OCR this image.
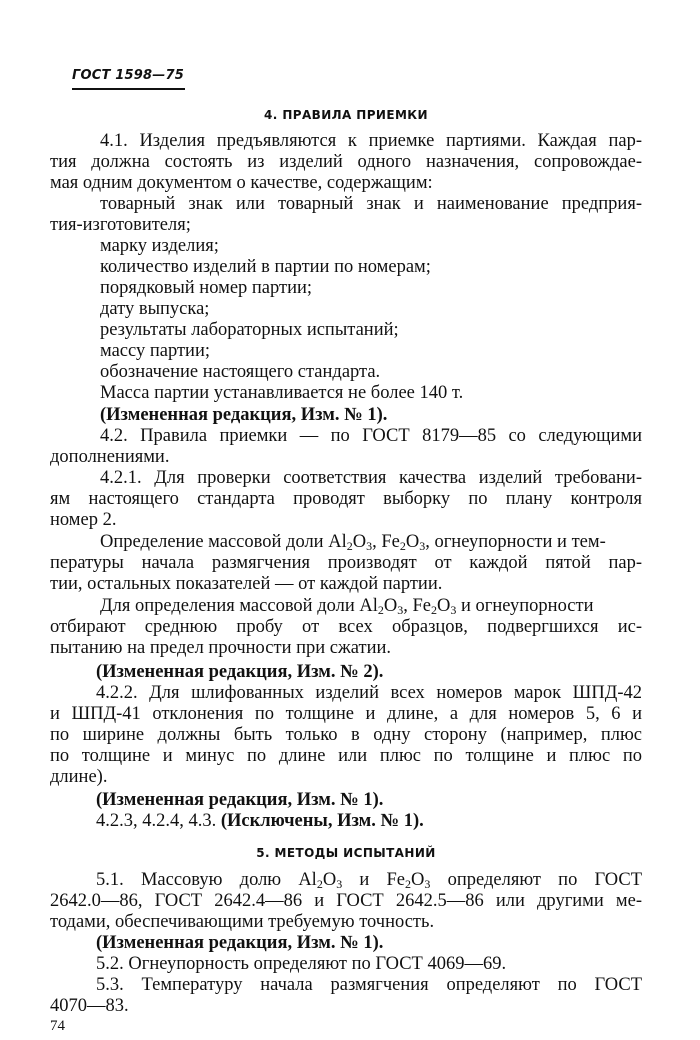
ГОСТ 1598—75
4. ПРАВИЛА ПРИЕМКИ
4.1. Изделия предъявляются к приемке партиями. Каждая пар-
тия должна состоять из изделий одного назначения, сопровождае-
мая одним документом о качестве, содержащим:
товарный знак или товарный знак и наименование предприя-
тия-изготовителя;
марку изделия;
количество изделий в партии по номерам;
порядковый номер партии;
дату выпуска;
результаты лабораторных испытаний;
массу партии;
обозначение настоящего стандарта.
Масса партии устанавливается не более 140 т.
(Измененная редакция, Изм. № 1).
4.2. Правила приемки — по ГОСТ 8179—85 со следующими
дополнениями.
4.2.1. Для проверки соответствия качества изделий требовани-
ям настоящего стандарта проводят выборку по плану контроля
номер 2.
Определение массовой доли $Al_2O_3$, $Fe_2O_3$, огнеупорности и тем-
пературы начала размягчения производят от каждой пятой пар-
тии, остальных показателей — от каждой партии.
Для определения массовой доли $Al_2O_3$, $Fe_2O_3$ и огнеупорности
отбирают среднюю пробу от всех образцов, подвергшихся ис-
пытанию на предел прочности при сжатии.
(Измененная редакция, Изм. № 2).
4.2.2. Для шлифованных изделий всех номеров марок ШПД-42
и ШПД-41 отклонения по толщине и длине, а для номеров 5, 6 и
по ширине должны быть только в одну сторону (например, плюс
по толщине и минус по длине или плюс по толщине и плюс по
длине).
(Измененная редакция, Изм. № 1).
4.2.3, 4.2.4, 4.3. (Исключены, Изм. № 1).
5. МЕТОДЫ ИСПЫТАНИЙ
5.1. Массовую долю $Al_2O_3$ и $Fe_2O_3$ определяют по ГОСТ
2642.0—86, ГОСТ 2642.4—86 и ГОСТ 2642.5—86 или другими ме-
тодами, обеспечивающими требуемую точность.
74
(Измененная редакция, Изм. № 1).
5.2. Огнеупорность определяют по ГОСТ 4069—69.
5.3. Температуру начала размягчения определяют по ГОСТ
4070—83.
